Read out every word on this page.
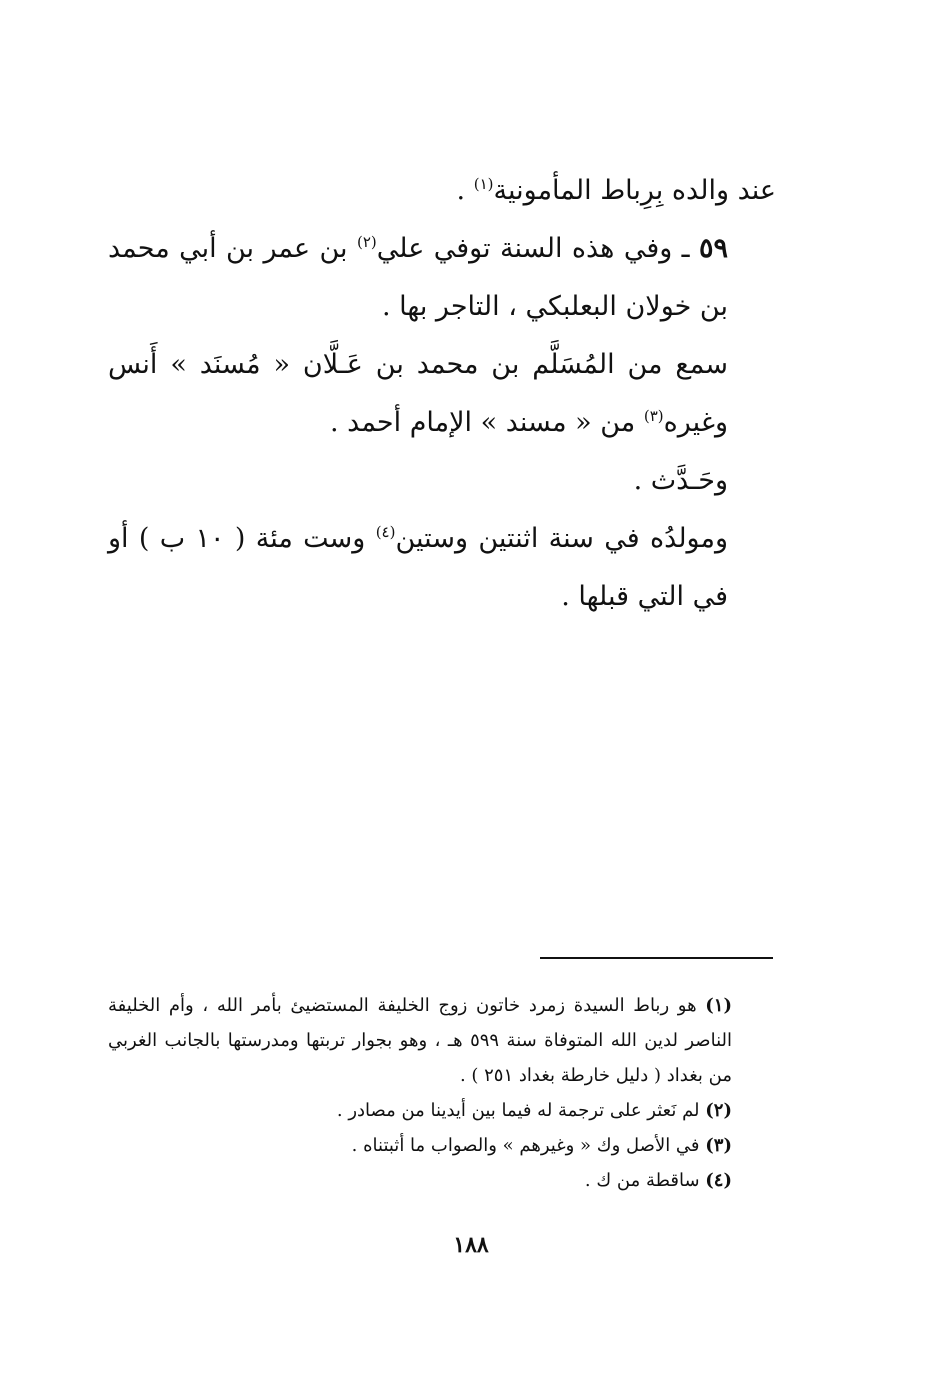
عند والده بِرِباط المأمونية$^{(١)}$ .

٥٩ ـ وفي هذه السنة توفي علي$^{(٢)}$ بن عمر بن أبي محمد بن خولان البعلبكي ، التاجر بها .

سمع من المُسَلَّم بن محمد بن عَـلَّان « مُسنَد » أَنس وغيره$^{(٣)}$ من « مسند » الإمام أحمد .

وحَـدَّث .

ومولدُه في سنة اثنتين وستين$^{(٤)}$ وست مئة ( ١٠ ب ) أو في التي قبلها .

(١) هو رباط السيدة زمرد خاتون زوج الخليفة المستضيئ بأمر الله ، وأم الخليفة الناصر لدين الله المتوفاة سنة ٥٩٩ هـ ، وهو بجوار تربتها ومدرستها بالجانب الغربي من بغداد ( دليل خارطة بغداد ٢٥١ ) .

(٢) لم نَعثر على ترجمة له فيما بين أيدينا من مصادر .

(٣) في الأصل وك « وغيرهم » والصواب ما أثبتناه .

(٤) ساقطة من ك .

١٨٨
